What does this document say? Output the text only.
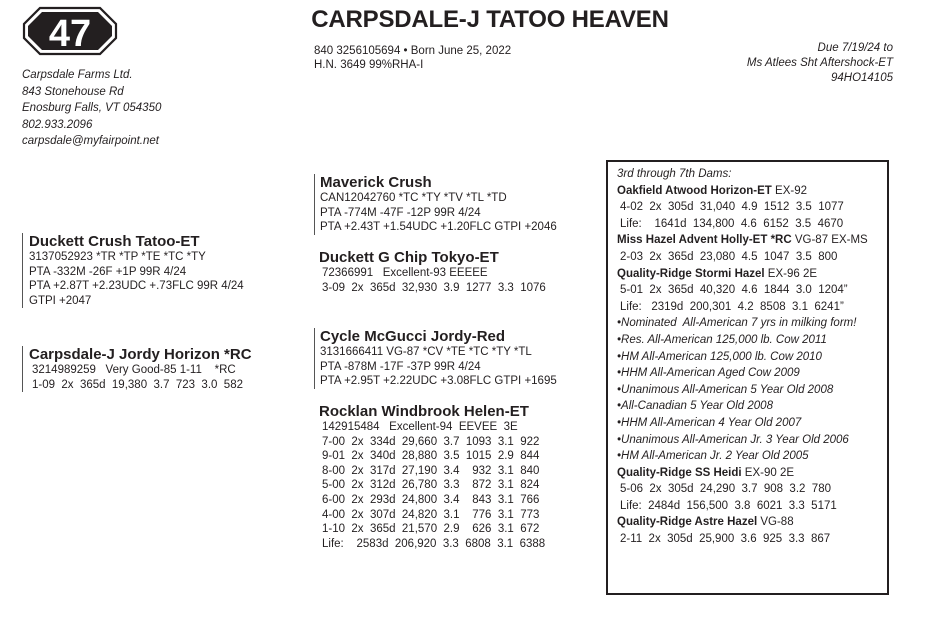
47	CARPSDALE-J TATOO HEAVEN
840 3256105694 • Born June 25, 2022
H.N. 3649 99%RHA-I
Due 7/19/24 to
Ms Atlees Sht Aftershock-ET
94HO14105
Carpsdale Farms Ltd.
843 Stonehouse Rd
Enosburg Falls, VT 054350
802.933.2096
carpsdale@myfairpoint.net
Duckett Crush Tatoo-ET
3137052923 *TR *TP *TE *TC *TY
PTA -332M -26F +1P 99R 4/24
PTA +2.87T +2.23UDC +.73FLC 99R 4/24
GTPI +2047
Carpsdale-J Jordy Horizon *RC
3214989259   Very Good-85 1-11    *RC
1-09  2x  365d  19,380  3.7  723  3.0  582
Maverick Crush
CAN12042760 *TC *TY *TV *TL *TD
PTA -774M -47F -12P 99R 4/24
PTA +2.43T +1.54UDC +1.20FLC GTPI +2046
Duckett G Chip Tokyo-ET
72366991   Excellent-93 EEEEE
3-09  2x  365d  32,930  3.9  1277  3.3  1076
Cycle McGucci Jordy-Red
3131666411 VG-87 *CV *TE *TC *TY *TL
PTA -878M -17F -37P 99R 4/24
PTA +2.95T +2.22UDC +3.08FLC GTPI +1695
Rocklan Windbrook Helen-ET
142915484   Excellent-94  EEVEE  3E
7-00  2x  334d  29,660  3.7  1093  3.1  922
9-01  2x  340d  28,880  3.5  1015  2.9  844
8-00  2x  317d  27,190  3.4    932  3.1  840
5-00  2x  312d  26,780  3.3    872  3.1  824
6-00  2x  293d  24,800  3.4    843  3.1  766
4-00  2x  307d  24,820  3.1    776  3.1  773
1-10  2x  365d  21,570  2.9    626  3.1  672
Life:    2583d  206,920  3.3  6808  3.1  6388
3rd through 7th Dams:
Oakfield Atwood Horizon-ET EX-92
4-02  2x  305d  31,040  4.9  1512  3.5  1077
Life:    1641d  134,800  4.6  6152  3.5  4670
Miss Hazel Advent Holly-ET *RC VG-87 EX-MS
2-03  2x  365d  23,080  4.5  1047  3.5  800
Quality-Ridge Stormi Hazel EX-96 2E
5-01  2x  365d  40,320  4.6  1844  3.0  1204”
Life:   2319d  200,301  4.2  8508  3.1  6241”
•Nominated  All-American 7 yrs in milking form!
•Res. All-American 125,000 lb. Cow 2011
•HM All-American 125,000 lb. Cow 2010
•HHM All-American Aged Cow 2009
•Unanimous All-American 5 Year Old 2008
•All-Canadian 5 Year Old 2008
•HHM All-American 4 Year Old 2007
•Unanimous All-American Jr. 3 Year Old 2006
•HM All-American Jr. 2 Year Old 2005
Quality-Ridge SS Heidi EX-90 2E
5-06  2x  305d  24,290  3.7  908  3.2  780
Life:  2484d  156,500  3.8  6021  3.3  5171
Quality-Ridge Astre Hazel VG-88
2-11  2x  305d  25,900  3.6  925  3.3  867
